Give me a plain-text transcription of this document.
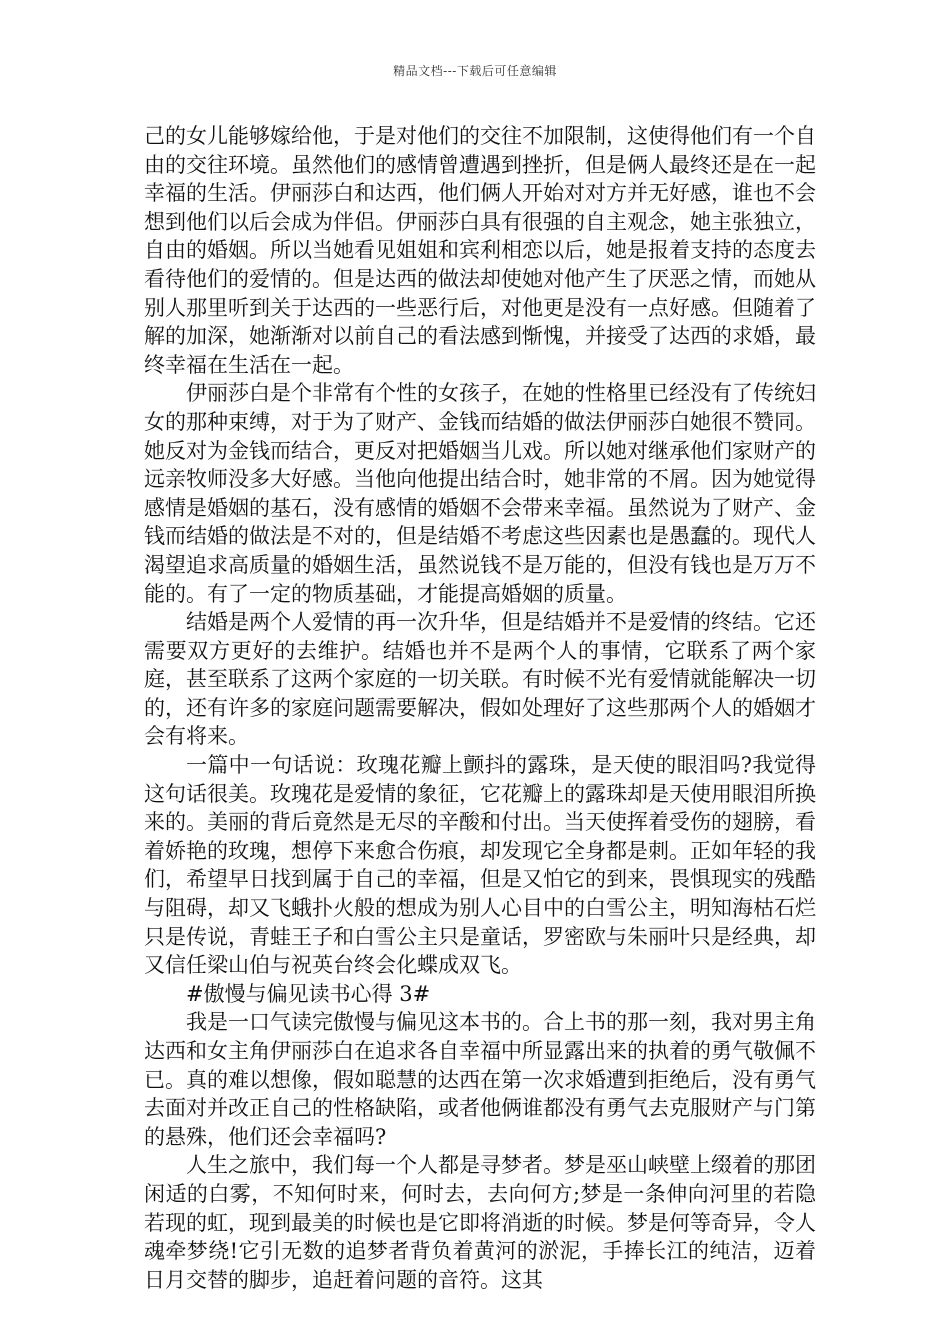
精品文档---下载后可任意编辑

己的女儿能够嫁给他，于是对他们的交往不加限制，这使得他们有一个自由的交往环境。虽然他们的感情曾遭遇到挫折，但是俩人最终还是在一起幸福的生活。伊丽莎白和达西，他们俩人开始对对方并无好感，谁也不会想到他们以后会成为伴侣。伊丽莎白具有很强的自主观念，她主张独立，自由的婚姻。所以当她看见姐姐和宾利相恋以后，她是报着支持的态度去看待他们的爱情的。但是达西的做法却使她对他产生了厌恶之情，而她从别人那里听到关于达西的一些恶行后，对他更是没有一点好感。但随着了解的加深，她渐渐对以前自己的看法感到惭愧，并接受了达西的求婚，最终幸福在生活在一起。

伊丽莎白是个非常有个性的女孩子，在她的性格里已经没有了传统妇女的那种束缚，对于为了财产、金钱而结婚的做法伊丽莎白她很不赞同。她反对为金钱而结合，更反对把婚姻当儿戏。所以她对继承他们家财产的远亲牧师没多大好感。当他向他提出结合时，她非常的不屑。因为她觉得感情是婚姻的基石，没有感情的婚姻不会带来幸福。虽然说为了财产、金钱而结婚的做法是不对的，但是结婚不考虑这些因素也是愚蠢的。现代人渴望追求高质量的婚姻生活，虽然说钱不是万能的，但没有钱也是万万不能的。有了一定的物质基础，才能提高婚姻的质量。

结婚是两个人爱情的再一次升华，但是结婚并不是爱情的终结。它还需要双方更好的去维护。结婚也并不是两个人的事情，它联系了两个家庭，甚至联系了这两个家庭的一切关联。有时候不光有爱情就能解决一切的，还有许多的家庭问题需要解决，假如处理好了这些那两个人的婚姻才会有将来。

一篇中一句话说：玫瑰花瓣上颤抖的露珠，是天使的眼泪吗?我觉得这句话很美。玫瑰花是爱情的象征，它花瓣上的露珠却是天使用眼泪所换来的。美丽的背后竟然是无尽的辛酸和付出。当天使挥着受伤的翅膀，看着娇艳的玫瑰，想停下来愈合伤痕，却发现它全身都是刺。正如年轻的我们，希望早日找到属于自己的幸福，但是又怕它的到来，畏惧现实的残酷与阻碍，却又飞蛾扑火般的想成为别人心目中的白雪公主，明知海枯石烂只是传说，青蛙王子和白雪公主只是童话，罗密欧与朱丽叶只是经典，却又信任梁山伯与祝英台终会化蝶成双飞。

#傲慢与偏见读书心得 3#

我是一口气读完傲慢与偏见这本书的。合上书的那一刻，我对男主角达西和女主角伊丽莎白在追求各自幸福中所显露出来的执着的勇气敬佩不已。真的难以想像，假如聪慧的达西在第一次求婚遭到拒绝后，没有勇气去面对并改正自己的性格缺陷，或者他俩谁都没有勇气去克服财产与门第的悬殊，他们还会幸福吗?

人生之旅中，我们每一个人都是寻梦者。梦是巫山峡壁上缀着的那团闲适的白雾，不知何时来，何时去，去向何方;梦是一条伸向河里的若隐若现的虹，现到最美的时候也是它即将消逝的时候。梦是何等奇异，令人魂牵梦绕!它引无数的追梦者背负着黄河的淤泥，手捧长江的纯洁，迈着日月交替的脚步，追赶着问题的音符。这其
